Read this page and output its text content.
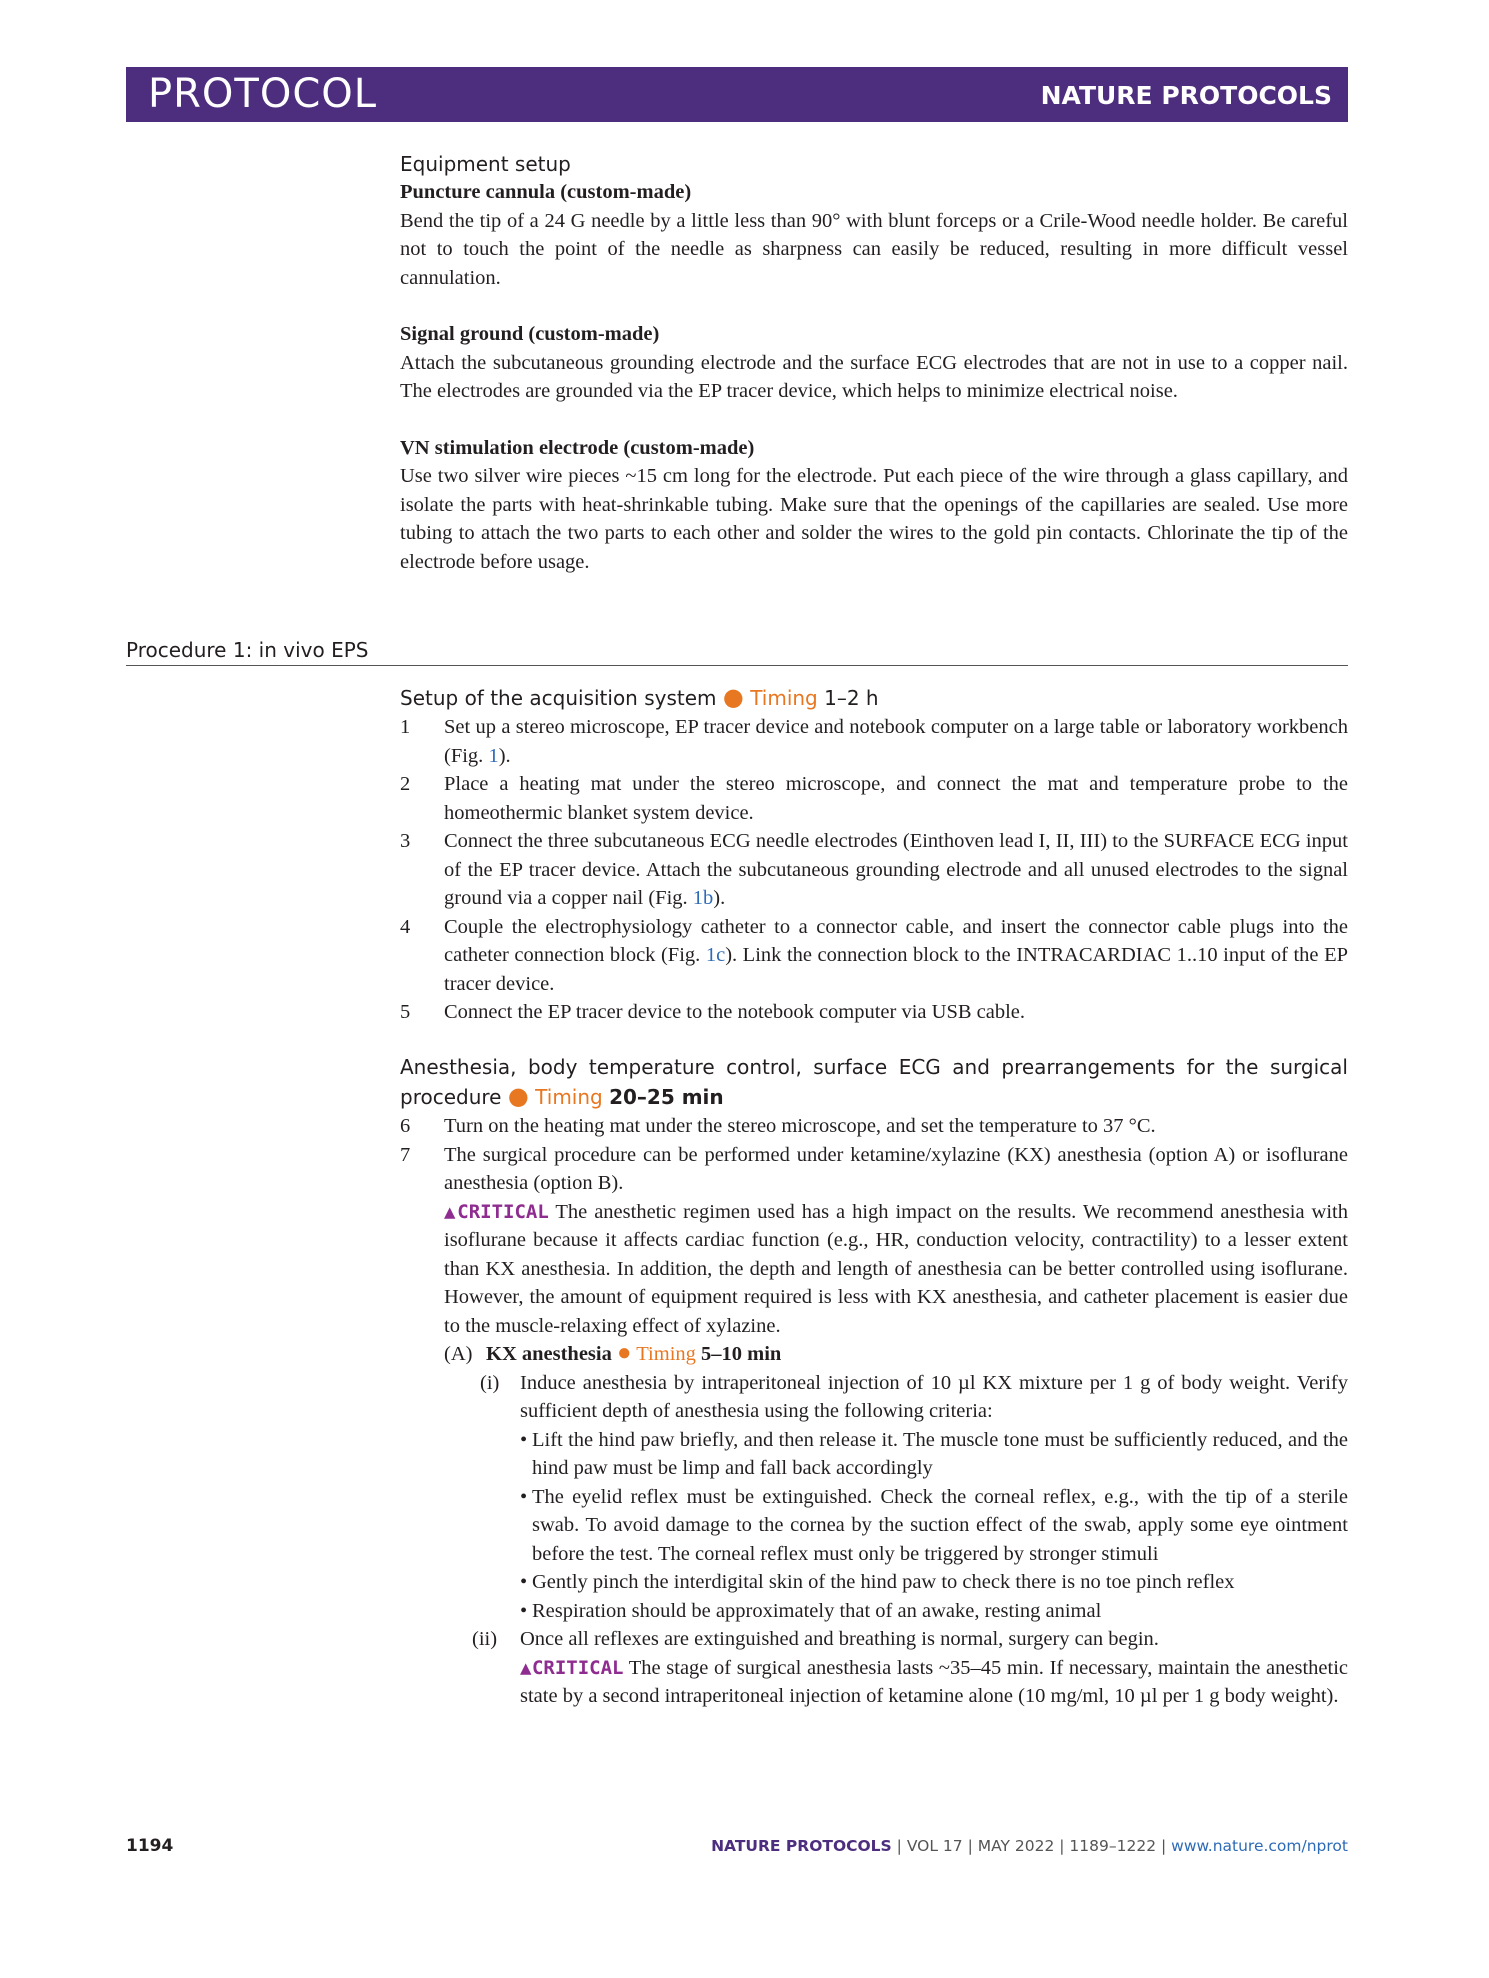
PROTOCOL	NATURE PROTOCOLS
Equipment setup
Puncture cannula (custom-made)

Bend the tip of a 24 G needle by a little less than 90° with blunt forceps or a Crile-Wood needle holder. Be careful not to touch the point of the needle as sharpness can easily be reduced, resulting in more difficult vessel cannulation.

Signal ground (custom-made)

Attach the subcutaneous grounding electrode and the surface ECG electrodes that are not in use to a copper nail. The electrodes are grounded via the EP tracer device, which helps to minimize electrical noise.

VN stimulation electrode (custom-made)

Use two silver wire pieces ~15 cm long for the electrode. Put each piece of the wire through a glass capillary, and isolate the parts with heat-shrinkable tubing. Make sure that the openings of the capillaries are sealed. Use more tubing to attach the two parts to each other and solder the wires to the gold pin contacts. Chlorinate the tip of the electrode before usage.

Procedure 1: in vivo EPS
Setup of the acquisition system ● Timing 1–2 h
1 Set up a stereo microscope, EP tracer device and notebook computer on a large table or laboratory workbench (Fig. 1).
2 Place a heating mat under the stereo microscope, and connect the mat and temperature probe to the homeothermic blanket system device.
3 Connect the three subcutaneous ECG needle electrodes (Einthoven lead I, II, III) to the SURFACE ECG input of the EP tracer device. Attach the subcutaneous grounding electrode and all unused electrodes to the signal ground via a copper nail (Fig. 1b).
4 Couple the electrophysiology catheter to a connector cable, and insert the connector cable plugs into the catheter connection block (Fig. 1c). Link the connection block to the INTRACARDIAC 1..10 input of the EP tracer device.
5 Connect the EP tracer device to the notebook computer via USB cable.
Anesthesia, body temperature control, surface ECG and prearrangements for the surgical
procedure ● Timing 20–25 min
6 Turn on the heating mat under the stereo microscope, and set the temperature to 37 °C.
7 The surgical procedure can be performed under ketamine/xylazine (KX) anesthesia (option A) or isoflurane anesthesia (option B).
▲CRITICAL The anesthetic regimen used has a high impact on the results. We recommend anesthesia with isoflurane because it affects cardiac function (e.g., HR, conduction velocity, contractility) to a lesser extent than KX anesthesia. In addition, the depth and length of anesthesia can be better controlled using isoflurane. However, the amount of equipment required is less with KX anesthesia, and catheter placement is easier due to the muscle-relaxing effect of xylazine.
(A) KX anesthesia ● Timing 5–10 min
(i) Induce anesthesia by intraperitoneal injection of 10 µl KX mixture per 1 g of body weight. Verify sufficient depth of anesthesia using the following criteria:
• Lift the hind paw briefly, and then release it. The muscle tone must be sufficiently reduced, and the hind paw must be limp and fall back accordingly
• The eyelid reflex must be extinguished. Check the corneal reflex, e.g., with the tip of a sterile swab. To avoid damage to the cornea by the suction effect of the swab, apply some eye ointment before the test. The corneal reflex must only be triggered by stronger stimuli
• Gently pinch the interdigital skin of the hind paw to check there is no toe pinch reflex
• Respiration should be approximately that of an awake, resting animal
(ii) Once all reflexes are extinguished and breathing is normal, surgery can begin.
▲CRITICAL The stage of surgical anesthesia lasts ~35–45 min. If necessary, maintain the anesthetic state by a second intraperitoneal injection of ketamine alone (10 mg/ml, 10 µl per 1 g body weight).
1194	NATURE PROTOCOLS | VOL 17 | MAY 2022 | 1189–1222 | www.nature.com/nprot
